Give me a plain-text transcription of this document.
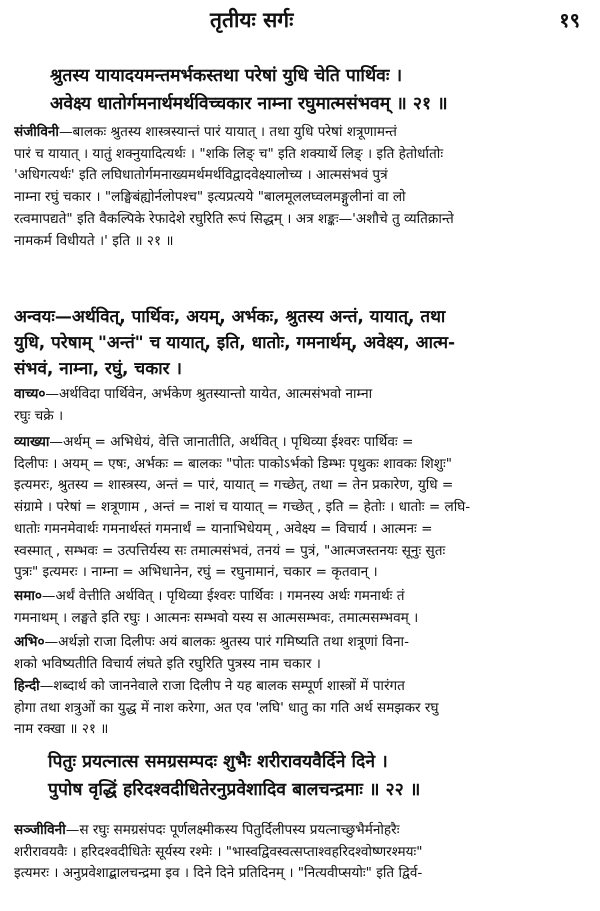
तृतीयः सर्गः	१९
श्रुतस्य यायादयमन्तमर्भकस्तथा परेषां युधि चेति पार्थिवः ।
अवेक्ष्य धातोर्गमनार्थमर्थविच्चकार नाम्ना रघुमात्मसंभवम् ॥ २१ ॥
संजीविनी—बालकः श्रुतस्य शास्त्रस्यान्तं पारं यायात् । तथा युधि परेषां शत्रूणामन्तं
पारं च यायात् । यातुं शक्नुयादित्यर्थः । "शकि लिङ् च" इति शक्यार्थे लिङ् । इति हेतोर्धातोः
'अधिगत्यर्थः' इति लघिधातोर्गमनाख्यमर्थमर्थविद्वादवेक्ष्यालोच्य । आत्मसंभवं पुत्रं
नाम्ना रघुं चकार । "लङ्घिबंह्योर्नलोपश्च" इत्यप्रत्यये "बालमूललघ्वलमङ्गुलीनां वा लो
रत्वमापद्यते" इति वैकल्पिके रेफादेशे रघुरिति रूपं सिद्धम् । अत्र शङ्कः—'अशौचे तु व्यतिक्रान्ते
नामकर्म विधीयते ।' इति ॥ २१ ॥
अन्वयः—अर्थवित्, पार्थिवः, अयम्, अर्भकः, श्रुतस्य अन्तं, यायात्, तथा
युधि, परेषाम् "अन्तं" च यायात्, इति, धातोः, गमनार्थम्, अवेक्ष्य, आत्म-
संभवं, नाम्ना, रघुं, चकार ।
वाच्य०—अर्थविदा पार्थिवेन, अर्भकेण श्रुतस्यान्तो यायेत, आत्मसंभवो नाम्ना
रघुः चक्रे ।
व्याख्या—अर्थम् = अभिधेयं, वेत्ति जानातीति, अर्थवित् । पृथिव्या ईश्वरः पार्थिवः =
दिलीपः । अयम् = एषः, अर्भकः = बालकः "पोतः पाकोऽर्भको डिम्भः पृथुकः शावकः शिशुः"
इत्यमरः, श्रुतस्य = शास्त्रस्य, अन्तं = पारं, यायात् = गच्छेत्, तथा = तेन प्रकारेण, युधि =
संग्रामे । परेषां = शत्रूणाम , अन्तं = नाशं च यायात् = गच्छेत् , इति = हेतोः । धातोः = लघि-
धातोः गमनमेवार्थः गमनार्थस्तं गमनार्थं = यानाभिधेयम् , अवेक्ष्य = विचार्य । आत्मनः =
स्वस्मात् , सम्भवः = उत्पत्तिर्यस्य सः तमात्मसंभवं, तनयं = पुत्रं, "आत्मजस्तनयः सूनुः सुतः
पुत्रः" इत्यमरः । नाम्ना = अभिधानेन, रघुं = रघुनामानं, चकार = कृतवान् ।
समा०—अर्थं वेत्तीति अर्थवित् । पृथिव्या ईश्वरः पार्थिवः । गमनस्य अर्थः गमनार्थः तं
गमनाथम् । लङ्घते इति रघुः । आत्मनः सम्भवो यस्य स आत्मसम्भवः, तमात्मसम्भवम् ।
अभि०—अर्थज्ञो राजा दिलीपः अयं बालकः श्रुतस्य पारं गमिष्यति तथा शत्रूणां विना-
शको भविष्यतीति विचार्य लंघते इति रघुरिति पुत्रस्य नाम चकार ।
हिन्दी—शब्दार्थ को जाननेवाले राजा दिलीप ने यह बालक सम्पूर्ण शास्त्रों में पारंगत
होगा तथा शत्रुओं का युद्ध में नाश करेगा, अत एव 'लघि' धातु का गति अर्थ समझकर रघु
नाम रक्खा ॥ २१ ॥
पितुः प्रयत्नात्स समग्रसम्पदः शुभैः शरीरावयवैर्दिने दिने ।
पुपोष वृद्धिं हरिदश्वदीधितेरनुप्रवेशादिव बालचन्द्रमाः ॥ २२ ॥
सञ्जीविनी—स रघुः समग्रसंपदः पूर्णलक्ष्मीकस्य पितुर्दिलीपस्य प्रयत्नाच्छुभैर्मनोहरैः
शरीरावयवैः । हरिदश्वदीधितेः सूर्यस्य रश्मेः । "भास्वद्विवस्वत्सप्ताश्वहरिदश्वोष्णरश्मयः"
इत्यमरः । अनुप्रवेशाद्बालचन्द्रमा इव । दिने दिने प्रतिदिनम् । "नित्यवीप्सयोः" इति द्विर्व-
